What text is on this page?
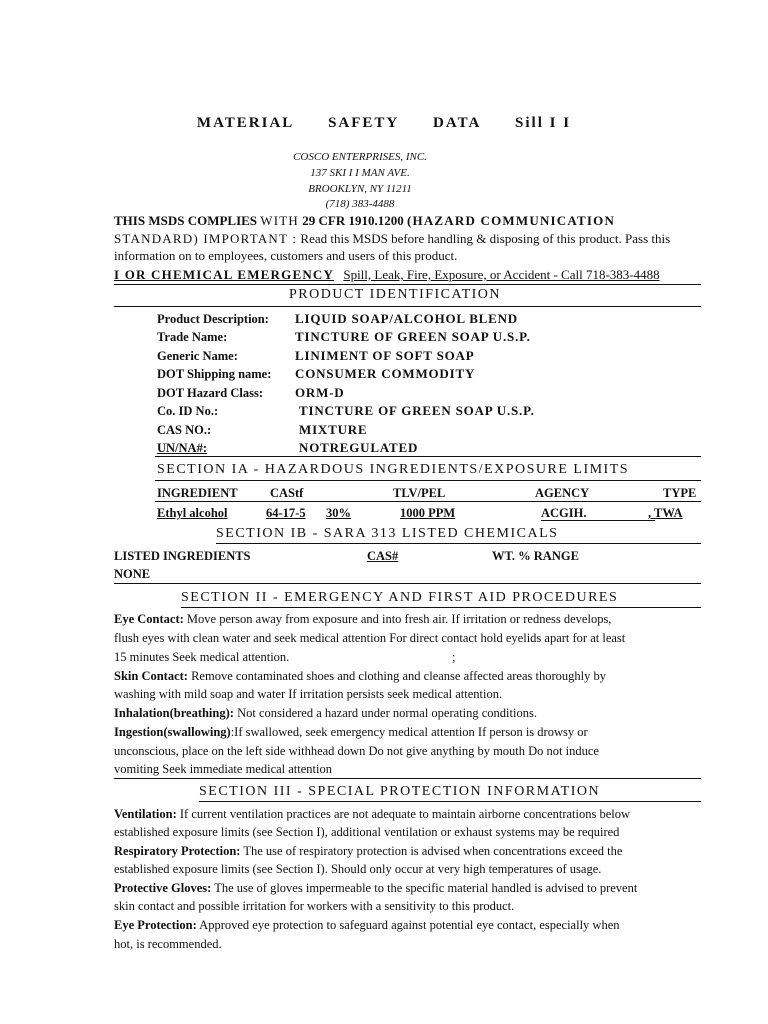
MATERIAL SAFETY DATA Sill I I
COSCO ENTERPRISES, INC.
137 SKI I I MAN AVE.
BROOKLYN, NY 11211
(718) 383-4488
THIS MSDS COMPLIES WITH 29 CFR 1910.1200 (HAZARD COMMUNICATION
STANDARD) IMPORTANT : Read this MSDS before handling & disposing of this product. Pass this
information on to employees, customers and users of this product.
I OR CHEMICAL EMERGENCY Spill, Leak, Fire, Exposure, or Accident - Call 718-383-4488
PRODUCT IDENTIFICATION
Product Description: LIQUID SOAP/ALCOHOL BLEND
Trade Name:	TINCTURE OF GREEN SOAP U.S.P.
Generic Name:	LINIMENT OF SOFT SOAP
DOT Shipping name: CONSUMER COMMODITY
DOT Hazard Class: ORM-D
Co. ID No.:	TINCTURE OF GREEN SOAP U.S.P.
CAS NO.:	MIXTURE
UN/NA#:	NOTREGULATED
SECTION IA - HAZARDOUS INGREDIENTS/EXPOSURE LIMITS
INGREDIENT	CAStf	TLV/PEL	AGENCY	TYPE
Ethyl alcohol	64-17-5 30%	1000 PPM	ACGIH.	, TWA
SECTION IB - SARA 313 LISTED CHEMICALS
LISTED INGREDIENTS	CAS#	WT. % RANGE
NONE
SECTION II - EMERGENCY AND FIRST AID PROCEDURES
Eye Contact: Move person away from exposure and into fresh air. If irritation or redness develops,
flush eyes with clean water and seek medical attention For direct contact hold eyelids apart for at least
15 minutes Seek medical attention.	;
Skin Contact: Remove contaminated shoes and clothing and cleanse affected areas thoroughly by
washing with mild soap and water If irritation persists seek medical attention.
Inhalation(breathing): Not considered a hazard under normal operating conditions.
Ingestion(swallowing):If swallowed, seek emergency medical attention If person is drowsy or
unconscious, place on the left side withhead down Do not give anything by mouth Do not induce
vomiting Seek immediate medical attention
SECTION III - SPECIAL PROTECTION INFORMATION
Ventilation: If current ventilation practices are not adequate to maintain airborne concentrations below
established exposure limits (see Section I), additional ventilation or exhaust systems may be required
Respiratory Protection: The use of respiratory protection is advised when concentrations exceed the
established exposure limits (see Section I). Should only occur at very high temperatures of usage.
Protective Gloves: The use of gloves impermeable to the specific material handled is advised to prevent
skin contact and possible irritation for workers with a sensitivity to this product.
Eye Protection: Approved eye protection to safeguard against potential eye contact, especially when
hot, is recommended.
